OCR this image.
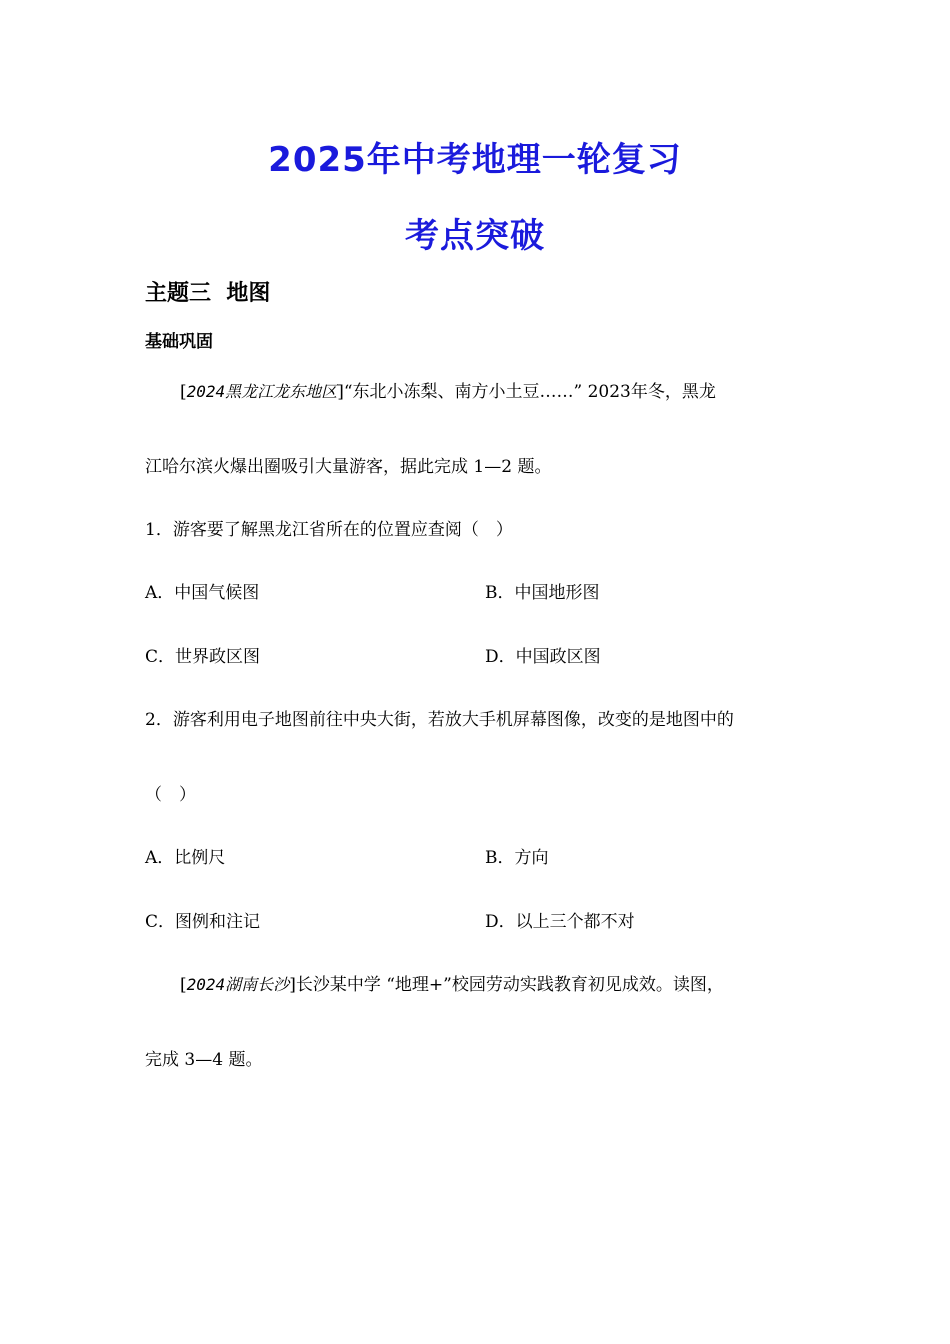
2025年中考地理一轮复习
考点突破
主题三  地图
基础巩固
[2024黑龙江龙东地区]“东北小冻梨、南方小土豆……” 2023年冬，黑龙
江哈尔滨火爆出圈吸引大量游客，据此完成 1—2 题。
1．游客要了解黑龙江省所在的位置应查阅（　）
A．中国气候图	B．中国地形图
C．世界政区图	D．中国政区图
2．游客利用电子地图前往中央大街，若放大手机屏幕图像，改变的是地图中的
（　）
A．比例尺	B．方向
C．图例和注记	D．以上三个都不对
[2024湖南长沙]长沙某中学 “地理+”校园劳动实践教育初见成效。读图，
完成 3—4 题。
